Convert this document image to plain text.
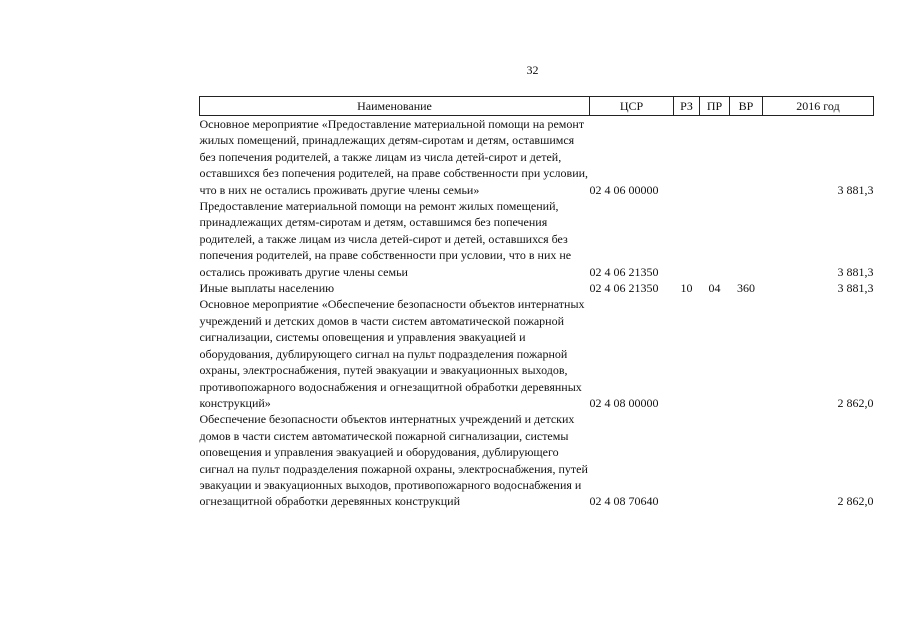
32
Наименование	ЦСР	РЗ	ПР	ВР	2016 год
Основное мероприятие «Предоставление материальной помощи на ремонт жилых помещений, принадлежащих детям-сиротам и детям, оставшимся без попечения родителей, а также лицам из числа детей-сирот и детей, оставшихся без попечения родителей, на праве собственности при условии, что в них не остались проживать другие члены семьи»	02 4 06 00000				3 881,3
Предоставление материальной помощи на ремонт жилых помещений, принадлежащих детям-сиротам и детям, оставшимся без попечения родителей, а также лицам из числа детей-сирот и детей, оставшихся без попечения родителей, на праве собственности при условии, что в них не остались проживать другие члены семьи	02 4 06 21350				3 881,3
Иные выплаты населению	02 4 06 21350	10	04	360	3 881,3
Основное мероприятие «Обеспечение безопасности объектов интернатных учреждений и детских домов в части систем автоматической пожарной сигнализации, системы оповещения и управления эвакуацией и оборудования, дублирующего сигнал на пульт подразделения пожарной охраны, электроснабжения, путей эвакуации и эвакуационных выходов, противопожарного водоснабжения и огнезащитной обработки деревянных конструкций»	02 4 08 00000				2 862,0
Обеспечение безопасности объектов интернатных учреждений и детских домов в части систем автоматической пожарной сигнализации, системы оповещения и управления эвакуацией и оборудования, дублирующего сигнал на пульт подразделения пожарной охраны, электроснабжения, путей эвакуации и эвакуационных выходов, противопожарного водоснабжения и огнезащитной обработки деревянных конструкций	02 4 08 70640				2 862,0
